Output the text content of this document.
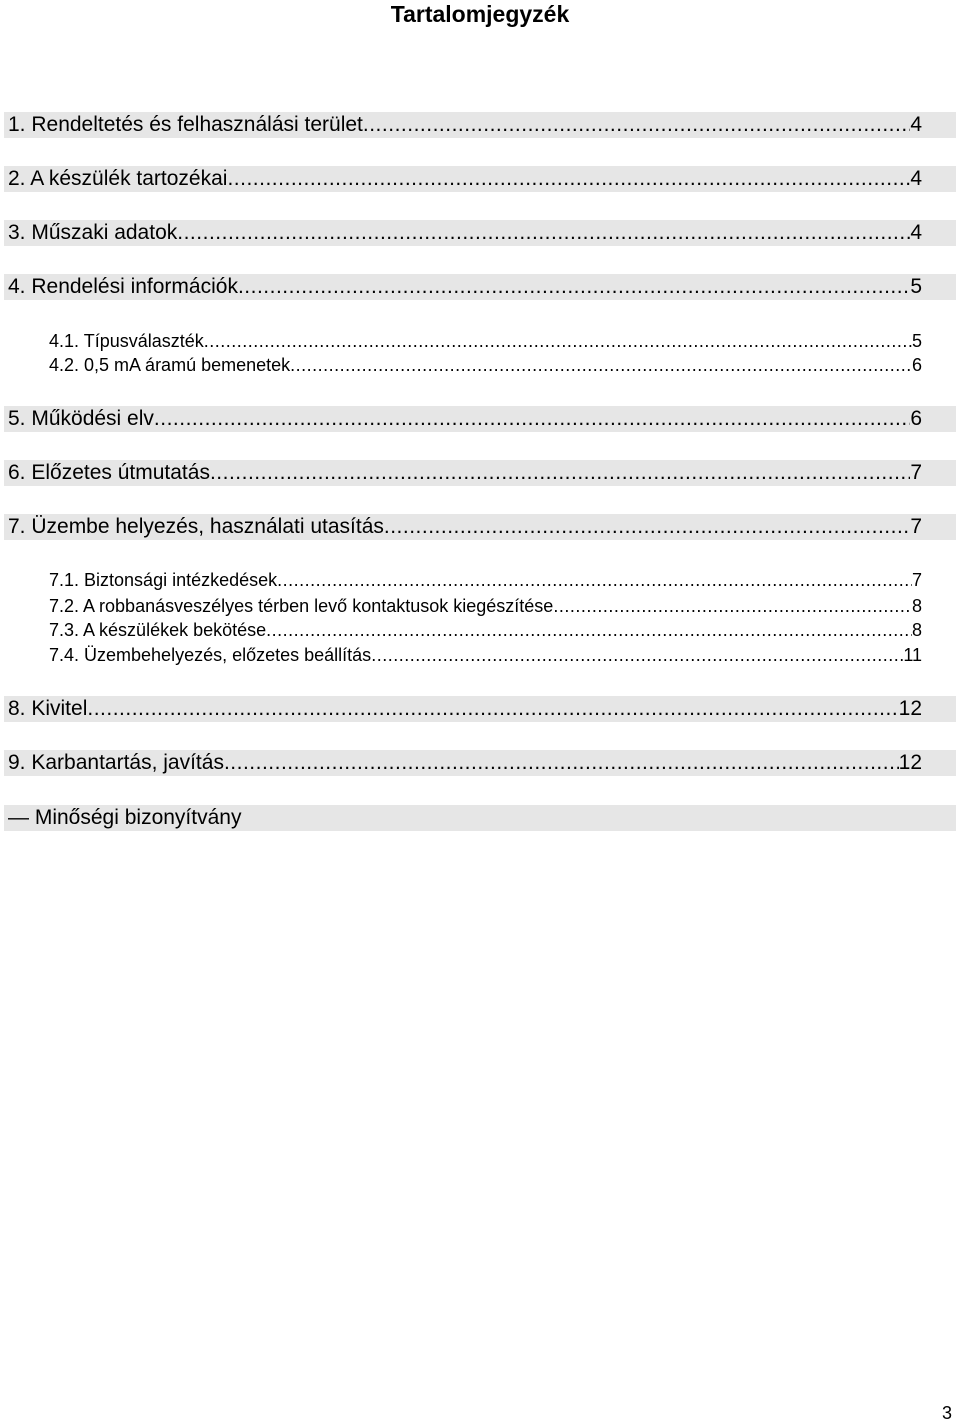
Tartalomjegyzék
1. Rendeltetés és felhasználási terület .....	4
2. A készülék tartozékai .....	4
3. Műszaki adatok .....	4
4. Rendelési információk .....	5
4.1. Típusválaszték .....	5
4.2. 0,5 mA áramú bemenetek .....	6
5. Működési elv .....	6
6. Előzetes útmutatás .....	7
7. Üzembe helyezés, használati utasítás .....	7
7.1. Biztonsági intézkedések .....	7
7.2. A robbanásveszélyes térben levő kontaktusok kiegészítése .....	8
7.3. A készülékek bekötése .....	8
7.4. Üzembehelyezés, előzetes beállítás .....	11
8. Kivitel .....	12
9. Karbantartás, javítás .....	12
— Minőségi bizonyítvány
3
